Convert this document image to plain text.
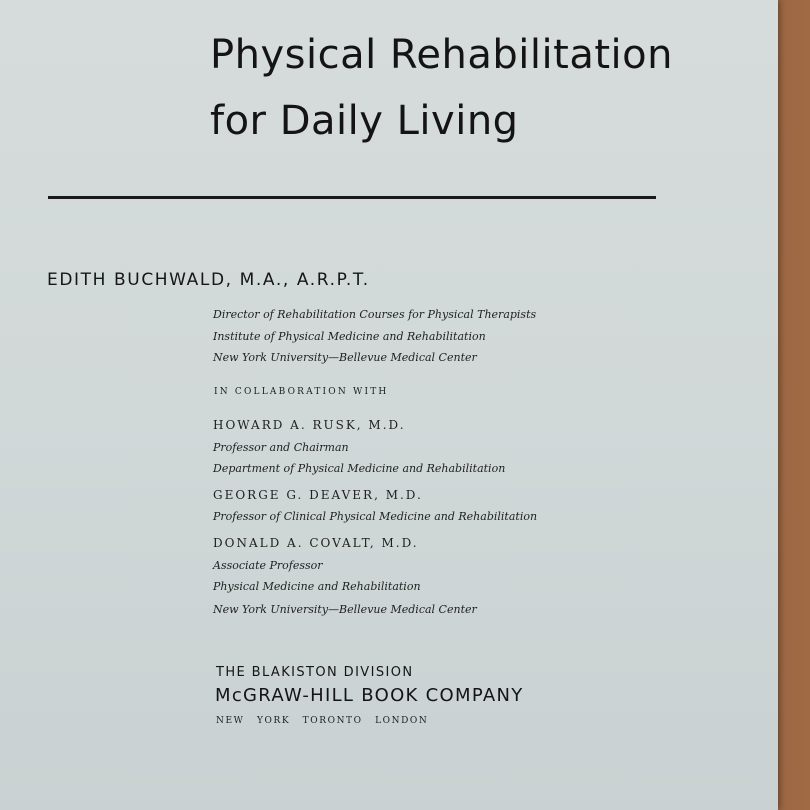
Physical Rehabilitation
for Daily Living
EDITH BUCHWALD, M.A., A.R.P.T.
Director of Rehabilitation Courses for Physical Therapists
Institute of Physical Medicine and Rehabilitation
New York University—Bellevue Medical Center
IN COLLABORATION WITH
HOWARD A. RUSK, M.D.
Professor and Chairman
Department of Physical Medicine and Rehabilitation
GEORGE G. DEAVER, M.D.
Professor of Clinical Physical Medicine and Rehabilitation
DONALD A. COVALT, M.D.
Associate Professor
Physical Medicine and Rehabilitation
New York University—Bellevue Medical Center
THE BLAKISTON DIVISION
McGRAW-HILL BOOK COMPANY
NEW YORK TORONTO LONDON
